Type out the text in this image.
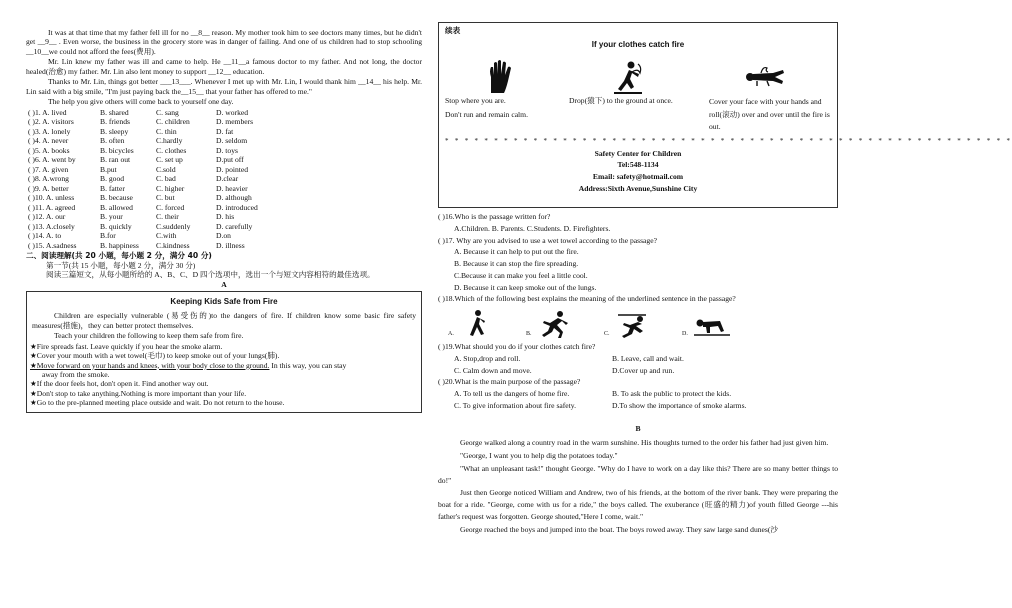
It was at that time that my father fell ill for no __8__ reason. My mother took him to see doctors many times, but he didn't get __9__ . Even worse, the business in the grocery store was in danger of failing. And one of us children had to stop schooling __10__we could not afford the fees(费用).

Mr. Lin knew my father was ill and came to help. He __11__a famous doctor to my father. And not long, the doctor healed(治愈) my father. Mr. Lin also lent money to support __12__ education.

Thanks to Mr. Lin, things got better ___13___. Whenever I met up with Mr. Lin, I would thank him __14__ his help. Mr. Lin said with a big smile, "I'm just paying back the__15__ that your father has offered to me."

The help you give others will come back to yourself one day.

( )1. A. lived	B. shared	C. sang	D. worked
( )2. A. visitors	B. friends	C. children	D. members
( )3. A. lonely	B. sleepy	C. thin	D. fat
( )4. A. never	B. often	C.hardly	D. seldom
( )5. A. books	B. bicycles	C. clothes	D. toys
( )6. A. went by	B. ran out	C. set up	D.put off
( )7. A. given	B.put	C.sold	D. pointed
( )8. A.wrong	B. good	C. bad	D.clear
( )9. A. better	B. fatter	C. higher	D. heavier
( )10. A. unless	B. because	C. but	D. although
( )11. A. agreed	B. allowed	C. forced	D. introduced
( )12. A. our	B. your	C. their	D. his
( )13. A.closely	B. quickly	C.suddenly	D. carefully
( )14. A. to	B.for	C.with	D.on
( )15. A.sadness	B. happiness	C.kindness	D. illness

二、阅读理解(共 20 小题，每小题 2 分，满分 40 分)

第一节(共 15 小题，每小题 2 分，满分 30 分)

阅读三篇短文，从每小题所给的 A、B、C、D 四个选项中，选出一个与短文内容相符的最佳选项。

A

Keeping Kids Safe from Fire

Children are especially vulnerable (易受伤的)to the dangers of fire. If children know some basic fire safety measures(措施)，they can better protect themselves.

Teach your children the following to keep them safe from fire.

★Fire spreads fast. Leave quickly if you hear the smoke alarm.

★Cover your mouth with a wet towel(毛巾) to keep smoke out of your lungs(肺).

★Move forward on your hands and knees, with your body close to the ground. In this way, you can stay

away from the smoke.

★If the door feels hot, don't open it. Find another way out.

★Don't stop to take anything.Nothing is more important than your life.

★Go to the pre-planned meeting place outside and wait. Do not return to the house.

续表

If your clothes catch fire

Stop where you are.

Don't run and remain calm.

Drop(猿下) to the ground at once.	Cover your face with your hands and roll(滚动) over and over until the fire is out.

* * * * * * * * * * * * * * * * * * * * * * * * * * * * * * * * * * * * * * * * * * * * * * * * * * * * * * * * * *

Safety Center for Children

Tel:548-1134

Email: safety@hotmail.com

Address:Sixth Avenue,Sunshine City

( )16.Who is the passage written for?

A.Children. B. Parents. C.Students. D. Firefighters.

( )17. Why are you advised to use a wet towel according to the passage?

A. Because it can help to put out the fire.

B. Because it can stop the fire spreading.

C.Because it can make you feel a little cool.

D. Because it can keep smoke out of the lungs.

( )18.Which of the following best explains the meaning of the underlined sentence in the passage?

A.	B.	C.	D.

( )19.What should you do if your clothes catch fire?

A. Stop,drop and roll.	B. Leave, call and wait.
C. Calm down and move.	D.Cover up and run.

( )20.What is the main purpose of the passage?

A. To tell us the dangers of home fire.	B. To ask the public to protect the kids.
C. To give information about fire safety.	D.To show the importance of smoke alarms.

B

George walked along a country road in the warm sunshine. His thoughts turned to the order his father had just given him.

"George, I want you to help dig the potatoes today."

"What an unpleasant task!" thought George. "Why do I have to work on a day like this? There are so many better things to do!"

Just then George noticed William and Andrew, two of his friends, at the bottom of the river bank. They were preparing the boat for a ride. "George, come with us for a ride," the boys called. The exuberance (旺盛的精力)of youth filled George ---his father's request was forgotten. George shouted,"Here I come, wait."

George reached the boys and jumped into the boat. The boys rowed away. They saw large sand dunes(沙
